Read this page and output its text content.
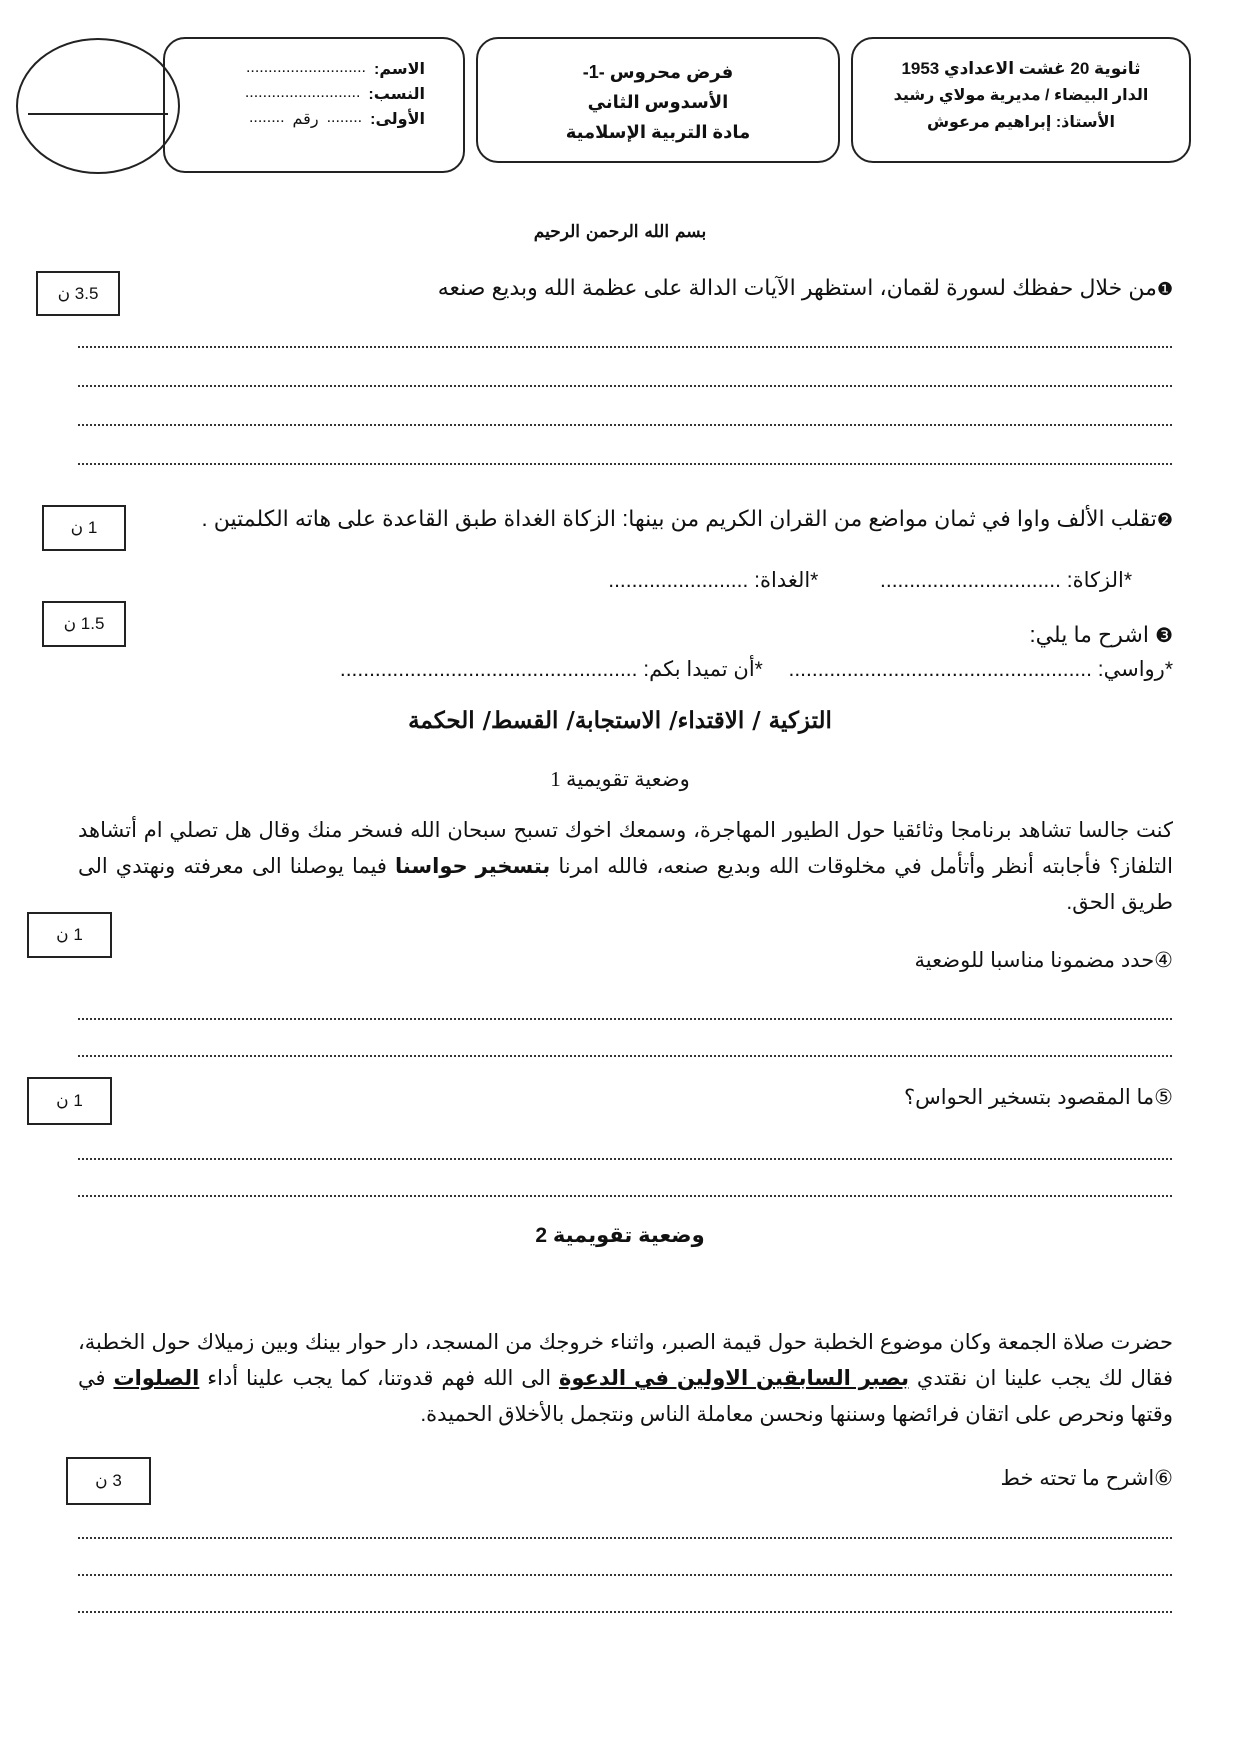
الاسم:
...........................
النسب:
..........................
الأولى:
........
رقم
........
فرض محروس -1-
الأسدوس الثاني
مادة التربية الإسلامية
ثانوية 20 غشت الاعدادي 1953
الدار البيضاء / مديرية مولاي رشيد
الأستاذ: إبراهيم مرعوش
بسم الله الرحمن الرحيم
3.5 ن	❶من خلال حفظك لسورة لقمان، استظهر الآيات الدالة على عظمة الله وبديع صنعه
1 ن	❷تقلب الألف واوا في ثمان مواضع من القران الكريم من بينها: الزكاة الغداة طبق القاعدة على هاته الكلمتين .
*الزكاة: ...............................  *الغداة: ........................
1.5 ن
❸ اشرح ما يلي:
*رواسي: ....................................................  *أن تميدا بكم: ...................................................
التزكية / الاقتداء/ الاستجابة/ القسط/ الحكمة
وضعية تقويمية 1
كنت جالسا تشاهد برنامجا وثائقيا حول الطيور المهاجرة، وسمعك اخوك تسبح سبحان الله فسخر منك وقال هل تصلي ام أتشاهد التلفاز؟ فأجابته أنظر وأتأمل في مخلوقات الله وبديع صنعه، فالله امرنا بتسخير حواسنا فيما يوصلنا الى معرفته ونهتدي الى طريق الحق.
1 ن
④حدد مضمونا مناسبا للوضعية
1 ن	⑤ما المقصود بتسخير الحواس؟
وضعية تقويمية 2
حضرت صلاة الجمعة وكان موضوع الخطبة حول قيمة الصبر، واثناء خروجك من المسجد، دار حوار بينك وبين زميلاك حول الخطبة، فقال لك يجب علينا ان نقتدي بصبر السابقين الاولين في الدعوة الى الله فهم قدوتنا، كما يجب علينا أداء الصلوات في وقتها ونحرص على اتقان فرائضها وسننها ونحسن معاملة الناس ونتجمل بالأخلاق الحميدة.
3 ن	⑥اشرح ما تحته خط
